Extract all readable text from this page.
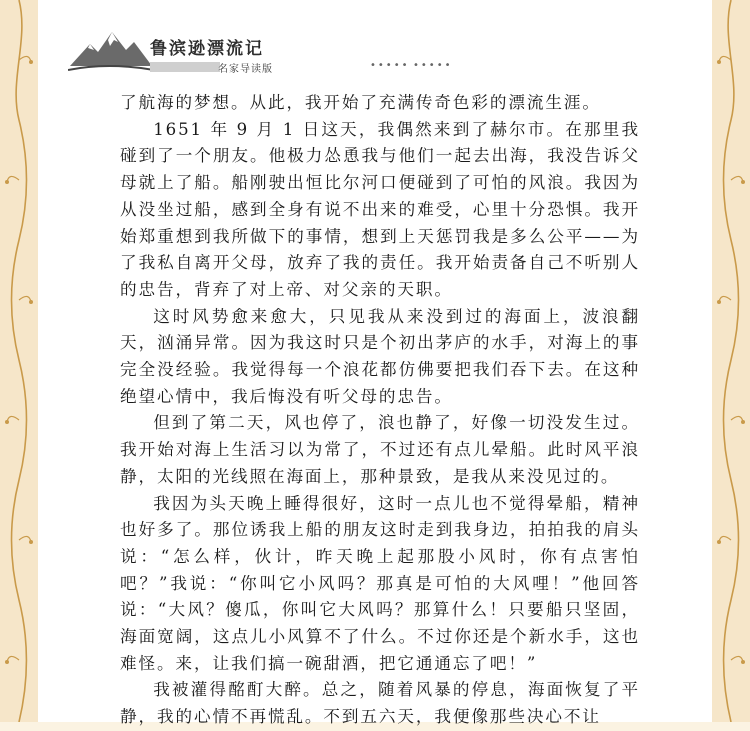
鲁滨逊漂流记
名家导读版	••••• •••••

了航海的梦想。从此，我开始了充满传奇色彩的漂流生涯。

1651 年 9 月 1 日这天，我偶然来到了赫尔市。在那里我碰到了一个朋友。他极力怂恿我与他们一起去出海，我没告诉父母就上了船。船刚驶出恒比尔河口便碰到了可怕的风浪。我因为从没坐过船，感到全身有说不出来的难受，心里十分恐惧。我开始郑重想到我所做下的事情，想到上天惩罚我是多么公平——为了我私自离开父母，放弃了我的责任。我开始责备自己不听别人的忠告，背弃了对上帝、对父亲的天职。

这时风势愈来愈大，只见我从来没到过的海面上，波浪翻天，汹涌异常。因为我这时只是个初出茅庐的水手，对海上的事完全没经验。我觉得每一个浪花都仿佛要把我们吞下去。在这种绝望心情中，我后悔没有听父母的忠告。

但到了第二天，风也停了，浪也静了，好像一切没发生过。我开始对海上生活习以为常了，不过还有点儿晕船。此时风平浪静，太阳的光线照在海面上，那种景致，是我从来没见过的。

我因为头天晚上睡得很好，这时一点儿也不觉得晕船，精神也好多了。那位诱我上船的朋友这时走到我身边，拍拍我的肩头说：“怎么样，伙计，昨天晚上起那股小风时，你有点害怕吧？”我说：“你叫它小风吗？那真是可怕的大风哩！”他回答说：“大风？傻瓜，你叫它大风吗？那算什么！只要船只坚固，海面宽阔，这点儿小风算不了什么。不过你还是个新水手，这也难怪。来，让我们搞一碗甜酒，把它通通忘了吧！”

我被灌得酩酊大醉。总之，随着风暴的停息，海面恢复了平静，我的心情不再慌乱。不到五六天，我便像那些决心不让
